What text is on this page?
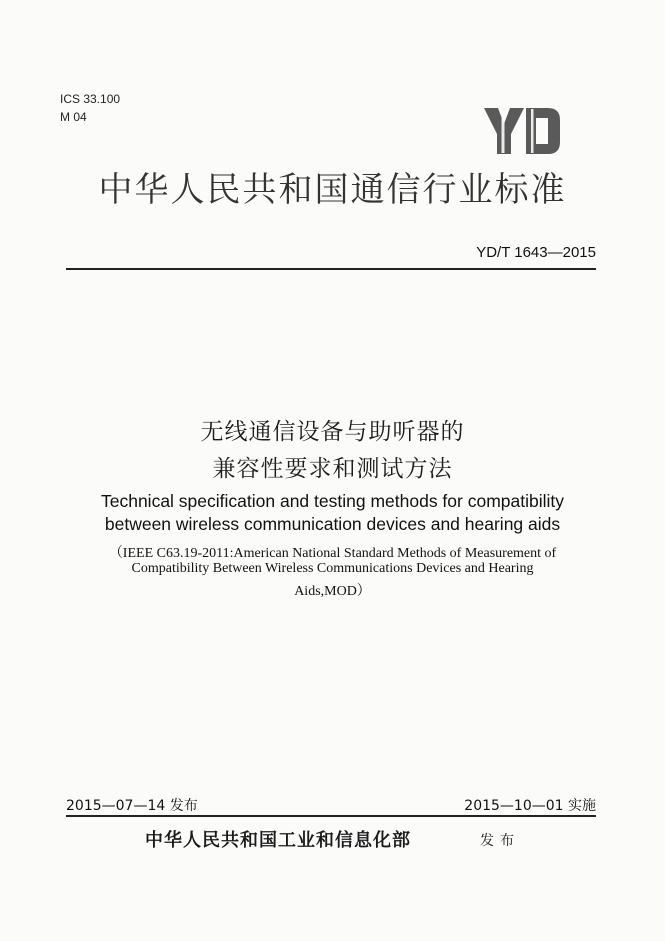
ICS 33.100
M 04
中华人民共和国通信行业标准
YD/T 1643—2015
无线通信设备与助听器的
兼容性要求和测试方法
Technical specification and testing methods for compatibility
between wireless communication devices and hearing aids
（IEEE C63.19-2011:American National Standard Methods of Measurement of
Compatibility Between Wireless Communications Devices and Hearing
Aids,MOD）
2015—07—14 发布	2015—10—01 实施
中华人民共和国工业和信息化部	发布
